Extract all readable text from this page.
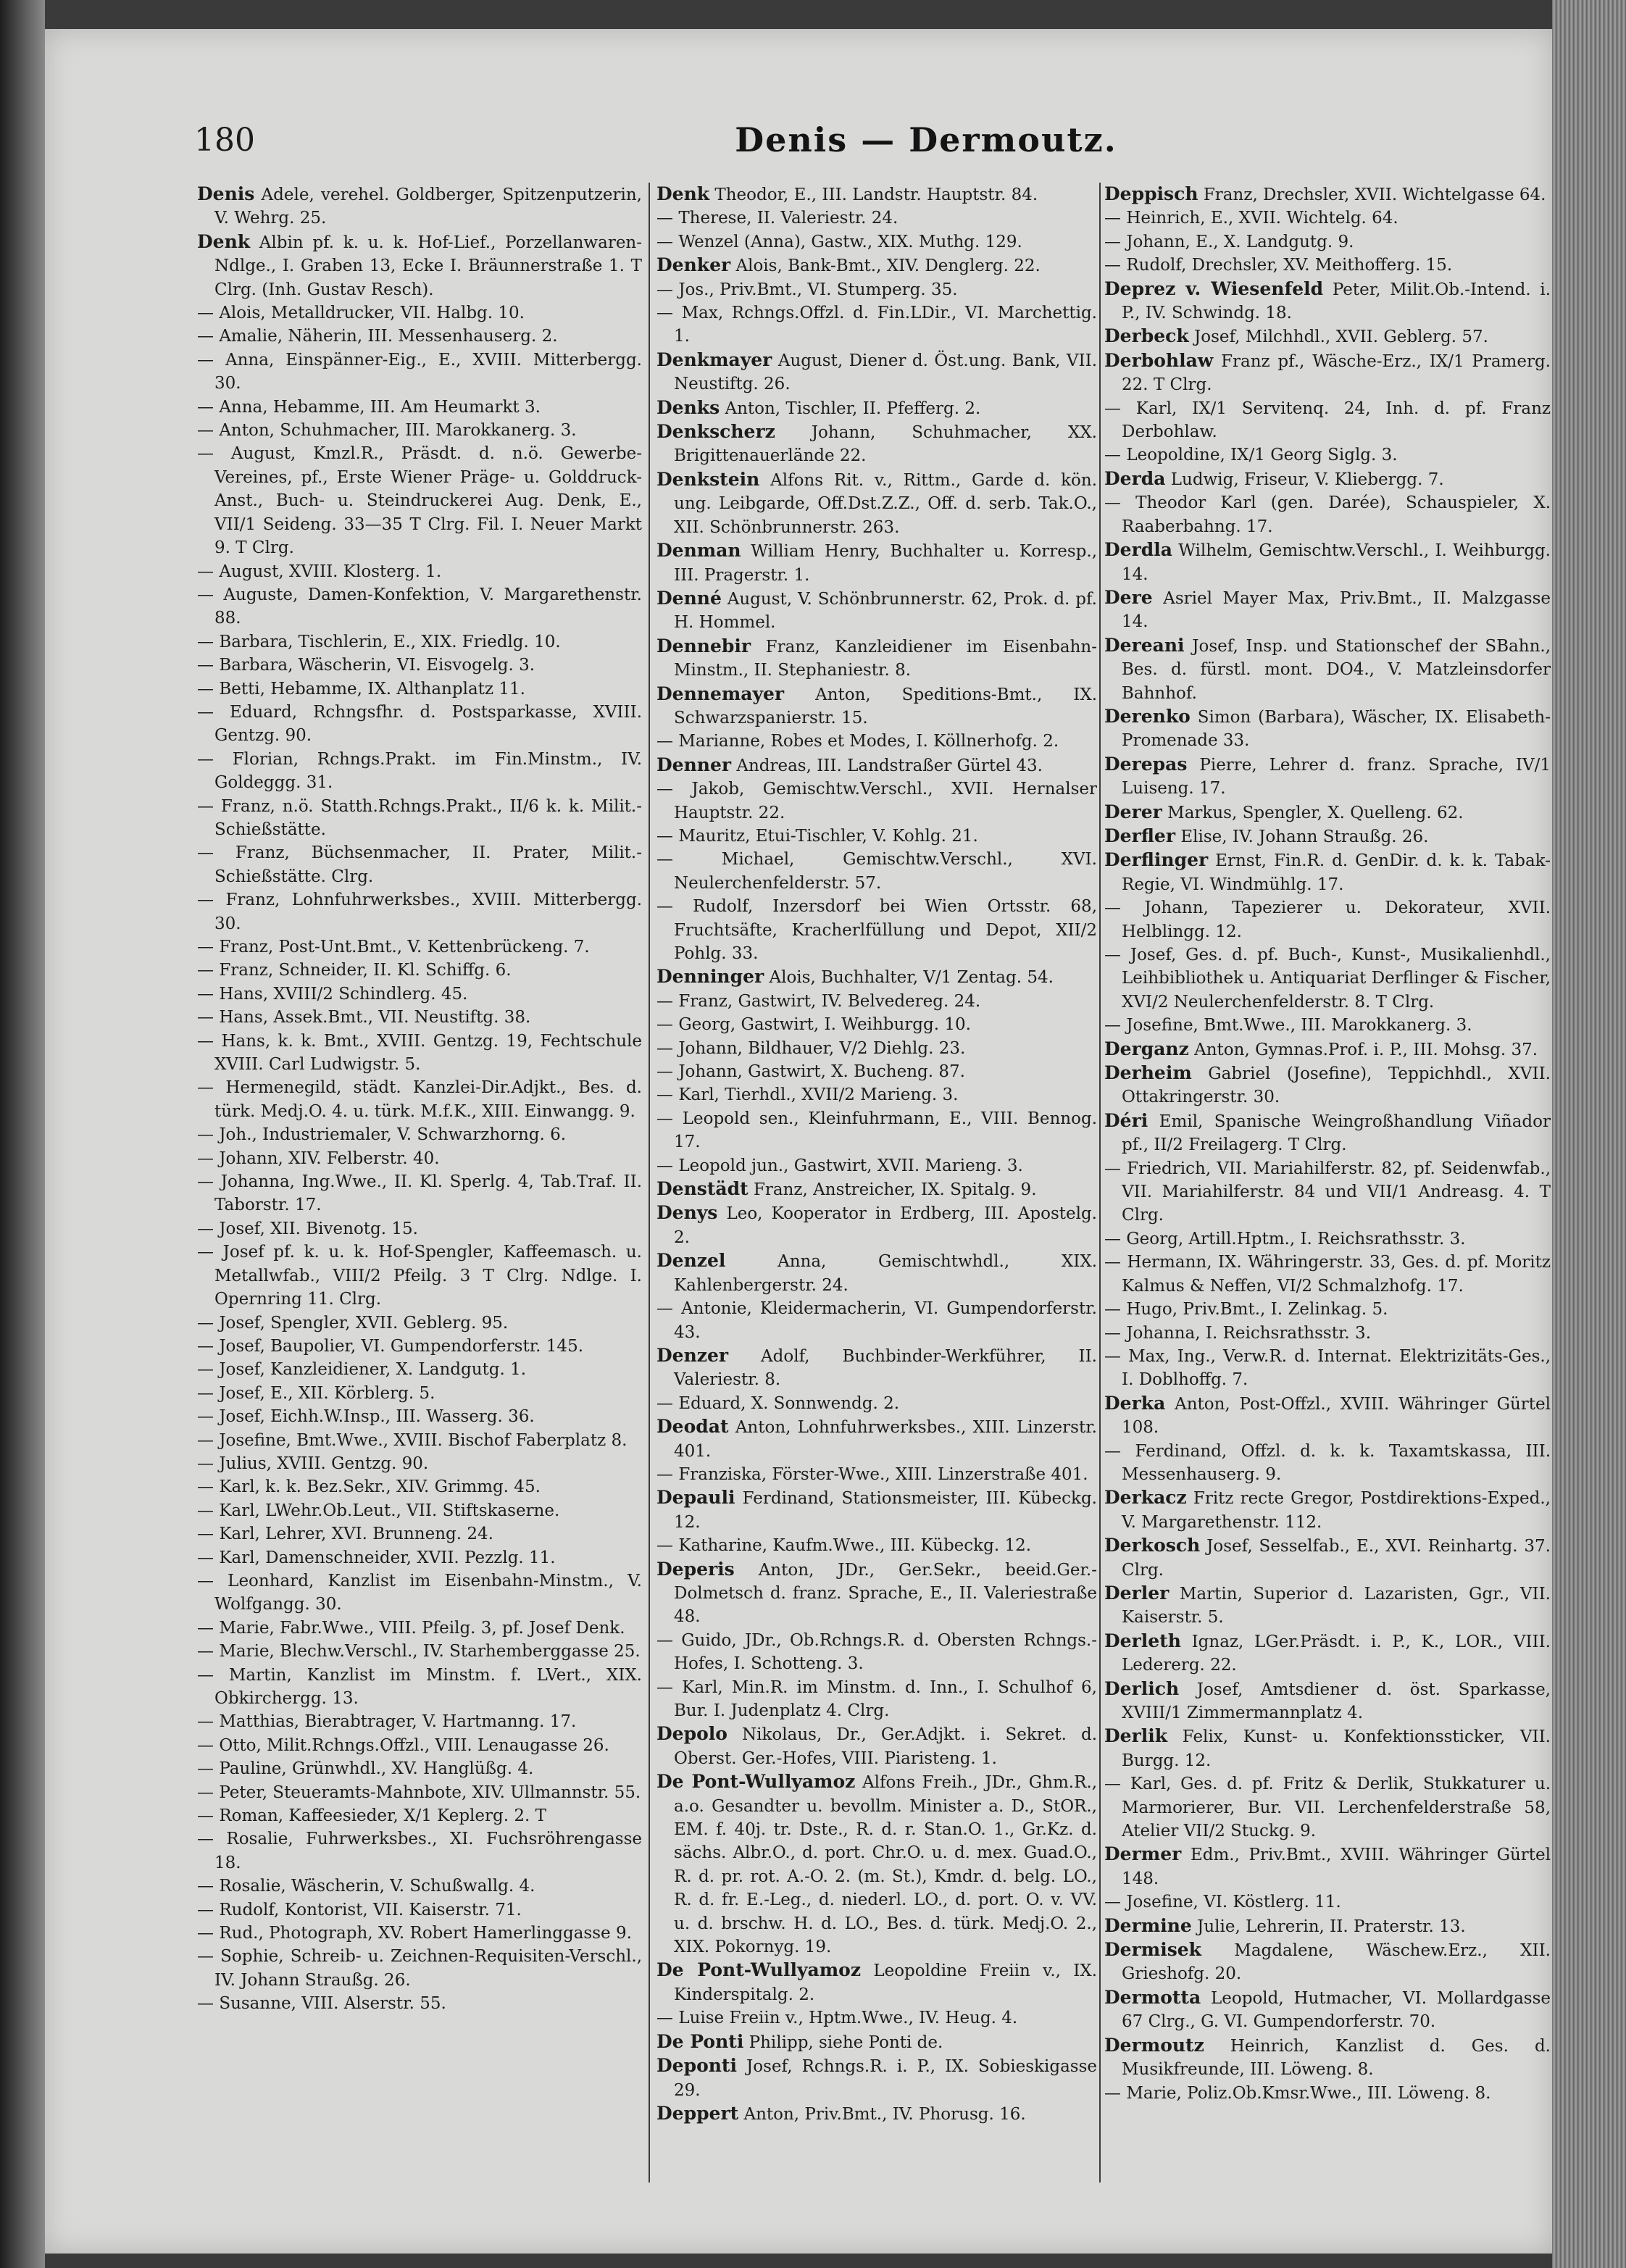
180	Denis — Dermoutz.
Denis Adele, verehel. Goldberger, Spitzenputzerin, V. Wehrg. 25.
Denk Albin pf. k. u. k. Hof-Lief., Porzellanwaren-Ndlge., I. Graben 13, Ecke I. Bräunnerstraße 1. T Clrg. (Inh. Gustav Resch).
— Alois, Metalldrucker, VII. Halbg. 10.
— Amalie, Näherin, III. Messenhauserg. 2.
— Anna, Einspänner-Eig., E., XVIII. Mitterbergg. 30.
— Anna, Hebamme, III. Am Heumarkt 3.
— Anton, Schuhmacher, III. Marokkanerg. 3.
— August, Kmzl.R., Präsdt. d. n.ö. Gewerbe-Vereines, pf., Erste Wiener Präge- u. Golddruck-Anst., Buch- u. Steindruckerei Aug. Denk, E., VII/1 Seideng. 33—35 T Clrg. Fil. I. Neuer Markt 9. T Clrg.
— August, XVIII. Klosterg. 1.
— Auguste, Damen-Konfektion, V. Margarethenstr. 88.
— Barbara, Tischlerin, E., XIX. Friedlg. 10.
— Barbara, Wäscherin, VI. Eisvogelg. 3.
— Betti, Hebamme, IX. Althanplatz 11.
— Eduard, Rchngsfhr. d. Postsparkasse, XVIII. Gentzg. 90.
— Florian, Rchngs.Prakt. im Fin.Minstm., IV. Goldeggg. 31.
— Franz, n.ö. Statth.Rchngs.Prakt., II/6 k. k. Milit.-Schießstätte.
— Franz, Büchsenmacher, II. Prater, Milit.-Schießstätte. Clrg.
— Franz, Lohnfuhrwerksbes., XVIII. Mitterbergg. 30.
— Franz, Post-Unt.Bmt., V. Kettenbrückeng. 7.
— Franz, Schneider, II. Kl. Schiffg. 6.
— Hans, XVIII/2 Schindlerg. 45.
— Hans, Assek.Bmt., VII. Neustiftg. 38.
— Hans, k. k. Bmt., XVIII. Gentzg. 19, Fechtschule XVIII. Carl Ludwigstr. 5.
— Hermenegild, städt. Kanzlei-Dir.Adjkt., Bes. d. türk. Medj.O. 4. u. türk. M.f.K., XIII. Einwangg. 9.
— Joh., Industriemaler, V. Schwarzhorng. 6.
— Johann, XIV. Felberstr. 40.
— Johanna, Ing.Wwe., II. Kl. Sperlg. 4, Tab.Traf. II. Taborstr. 17.
— Josef, XII. Bivenotg. 15.
— Josef pf. k. u. k. Hof-Spengler, Kaffeemasch. u. Metallwfab., VIII/2 Pfeilg. 3 T Clrg. Ndlge. I. Opernring 11. Clrg.
— Josef, Spengler, XVII. Geblerg. 95.
— Josef, Baupolier, VI. Gumpendorferstr. 145.
— Josef, Kanzleidiener, X. Landgutg. 1.
— Josef, E., XII. Körblerg. 5.
— Josef, Eichh.W.Insp., III. Wasserg. 36.
— Josefine, Bmt.Wwe., XVIII. Bischof Faberplatz 8.
— Julius, XVIII. Gentzg. 90.
— Karl, k. k. Bez.Sekr., XIV. Grimmg. 45.
— Karl, LWehr.Ob.Leut., VII. Stiftskaserne.
— Karl, Lehrer, XVI. Brunneng. 24.
— Karl, Damenschneider, XVII. Pezzlg. 11.
— Leonhard, Kanzlist im Eisenbahn-Minstm., V. Wolfgangg. 30.
— Marie, Fabr.Wwe., VIII. Pfeilg. 3, pf. Josef Denk.
— Marie, Blechw.Verschl., IV. Starhemberggasse 25.
— Martin, Kanzlist im Minstm. f. LVert., XIX. Obkirchergg. 13.
— Matthias, Bierabtrager, V. Hartmanng. 17.
— Otto, Milit.Rchngs.Offzl., VIII. Lenaugasse 26.
— Pauline, Grünwhdl., XV. Hanglüßg. 4.
— Peter, Steueramts-Mahnbote, XIV. Ullmannstr. 55.
— Roman, Kaffeesieder, X/1 Keplerg. 2. T
— Rosalie, Fuhrwerksbes., XI. Fuchsröhrengasse 18.
— Rosalie, Wäscherin, V. Schußwallg. 4.
— Rudolf, Kontorist, VII. Kaiserstr. 71.
— Rud., Photograph, XV. Robert Hamerlinggasse 9.
— Sophie, Schreib- u. Zeichnen-Requisiten-Verschl., IV. Johann Straußg. 26.
— Susanne, VIII. Alserstr. 55.
Denk Theodor, E., III. Landstr. Hauptstr. 84.
— Therese, II. Valeriestr. 24.
— Wenzel (Anna), Gastw., XIX. Muthg. 129.
Denker Alois, Bank-Bmt., XIV. Denglerg. 22.
— Jos., Priv.Bmt., VI. Stumperg. 35.
— Max, Rchngs.Offzl. d. Fin.LDir., VI. Marchettig. 1.
Denkmayer August, Diener d. Öst.ung. Bank, VII. Neustiftg. 26.
Denks Anton, Tischler, II. Pfefferg. 2.
Denkscherz Johann, Schuhmacher, XX. Brigittenauerlände 22.
Denkstein Alfons Rit. v., Rittm., Garde d. kön. ung. Leibgarde, Off.Dst.Z.Z., Off. d. serb. Tak.O., XII. Schönbrunnerstr. 263.
Denman William Henry, Buchhalter u. Korresp., III. Pragerstr. 1.
Denné August, V. Schönbrunnerstr. 62, Prok. d. pf. H. Hommel.
Dennebir Franz, Kanzleidiener im Eisenbahn-Minstm., II. Stephaniestr. 8.
Dennemayer Anton, Speditions-Bmt., IX. Schwarzspanierstr. 15.
— Marianne, Robes et Modes, I. Köllnerhofg. 2.
Denner Andreas, III. Landstraßer Gürtel 43.
— Jakob, Gemischtw.Verschl., XVII. Hernalser Hauptstr. 22.
— Mauritz, Etui-Tischler, V. Kohlg. 21.
—	Michael, Gemischtw.Verschl., XVI. Neulerchenfelderstr. 57.
— Rudolf, Inzersdorf bei Wien Ortsstr. 68, Fruchtsäfte, Kracherlfüllung und Depot, XII/2 Pohlg. 33.
Denninger Alois, Buchhalter, V/1 Zentag. 54.
— Franz, Gastwirt, IV. Belvedereg. 24.
— Georg, Gastwirt, I. Weihburgg. 10.
— Johann, Bildhauer, V/2 Diehlg. 23.
— Johann, Gastwirt, X. Bucheng. 87.
— Karl, Tierhdl., XVII/2 Marieng. 3.
— Leopold sen., Kleinfuhrmann, E., VIII. Bennog. 17.
— Leopold jun., Gastwirt, XVII. Marieng. 3.
Denstädt Franz, Anstreicher, IX. Spitalg. 9.
Denys Leo, Kooperator in Erdberg, III. Apostelg. 2.
Denzel	Anna, Gemischtwhdl., XIX. Kahlenbergerstr. 24.
— Antonie, Kleidermacherin, VI. Gumpendorferstr. 43.
Denzer Adolf, Buchbinder-Werkführer, II. Valeriestr. 8.
— Eduard, X. Sonnwendg. 2.
Deodat Anton, Lohnfuhrwerksbes., XIII. Linzerstr. 401.
— Franziska, Förster-Wwe., XIII. Linzerstraße 401.
Depauli Ferdinand, Stationsmeister, III. Kübeckg. 12.
— Katharine, Kaufm.Wwe., III. Kübeckg. 12.
Deperis Anton, JDr., Ger.Sekr., beeid.Ger.-Dolmetsch d. franz. Sprache, E., II. Valeriestraße 48.
— Guido, JDr., Ob.Rchngs.R. d. Obersten Rchngs.-Hofes, I. Schotteng. 3.
— Karl, Min.R. im Minstm. d. Inn., I. Schulhof 6, Bur. I. Judenplatz 4. Clrg.
Depolo Nikolaus, Dr., Ger.Adjkt. i. Sekret. d. Oberst. Ger.-Hofes, VIII. Piaristeng. 1.
De Pont-Wullyamoz Alfons Freih., JDr., Ghm.R., a.o. Gesandter u. bevollm. Minister a. D., StOR., EM. f. 40j. tr. Dste., R. d. r. Stan.O. 1., Gr.Kz. d. sächs. Albr.O., d. port. Chr.O. u. d. mex. Guad.O., R. d. pr. rot. A.-O. 2. (m. St.), Kmdr. d. belg. LO., R. d. fr. E.-Leg., d. niederl. LO., d. port. O. v. VV. u. d. brschw. H. d. LO., Bes. d. türk. Medj.O. 2., XIX. Pokornyg. 19.
De Pont-Wullyamoz Leopoldine Freiin v., IX. Kinderspitalg. 2.
— Luise Freiin v., Hptm.Wwe., IV. Heug. 4.
De Ponti Philipp, siehe Ponti de.
Deponti Josef, Rchngs.R. i. P., IX. Sobieskigasse 29.
Deppert Anton, Priv.Bmt., IV. Phorusg. 16.
Deppisch Franz, Drechsler, XVII. Wichtelgasse 64.
— Heinrich, E., XVII. Wichtelg. 64.
— Johann, E., X. Landgutg. 9.
— Rudolf, Drechsler, XV. Meithofferg. 15.
Deprez v. Wiesenfeld Peter, Milit.Ob.-Intend. i. P., IV. Schwindg. 18.
Derbeck Josef, Milchhdl., XVII. Geblerg. 57.
Derbohlaw Franz pf., Wäsche-Erz., IX/1 Pramerg. 22. T Clrg.
— Karl, IX/1 Servitenq. 24, Inh. d. pf. Franz Derbohlaw.
— Leopoldine, IX/1 Georg Siglg. 3.
Derda Ludwig, Friseur, V. Kliebergg. 7.
— Theodor Karl (gen. Darée), Schauspieler, X. Raaberbahng. 17.
Derdla Wilhelm, Gemischtw.Verschl., I. Weihburgg. 14.
Dere Asriel Mayer Max, Priv.Bmt., II. Malzgasse 14.
Dereani Josef, Insp. und Stationschef der SBahn., Bes. d. fürstl. mont. DO4., V. Matzleinsdorfer Bahnhof.
Derenko Simon (Barbara), Wäscher, IX. Elisabeth-Promenade 33.
Derepas Pierre, Lehrer d. franz. Sprache, IV/1 Luiseng. 17.
Derer Markus, Spengler, X. Quelleng. 62.
Derfler Elise, IV. Johann Straußg. 26.
Derflinger Ernst, Fin.R. d. GenDir. d. k. k. Tabak-Regie, VI. Windmühlg. 17.
— Johann, Tapezierer u. Dekorateur, XVII. Helblingg. 12.
— Josef, Ges. d. pf. Buch-, Kunst-, Musikalienhdl., Leihbibliothek u. Antiquariat Derflinger & Fischer, XVI/2 Neulerchenfelderstr. 8. T Clrg.
— Josefine, Bmt.Wwe., III. Marokkanerg. 3.
Derganz Anton, Gymnas.Prof. i. P., III. Mohsg. 37.
Derheim Gabriel (Josefine), Teppichhdl., XVII. Ottakringerstr. 30.
Déri Emil, Spanische Weingroßhandlung Viñador pf., II/2 Freilagerg. T Clrg.
— Friedrich, VII. Mariahilferstr. 82, pf. Seidenwfab., VII. Mariahilferstr. 84 und VII/1 Andreasg. 4. T Clrg.
— Georg, Artill.Hptm., I. Reichsrathsstr. 3.
— Hermann, IX. Währingerstr. 33, Ges. d. pf. Moritz Kalmus & Neffen, VI/2 Schmalzhofg. 17.
— Hugo, Priv.Bmt., I. Zelinkag. 5.
— Johanna, I. Reichsrathsstr. 3.
— Max, Ing., Verw.R. d. Internat. Elektrizitäts-Ges., I. Doblhoffg. 7.
Derka Anton, Post-Offzl., XVIII. Währinger Gürtel 108.
— Ferdinand, Offzl. d. k. k. Taxamtskassa, III. Messenhauserg. 9.
Derkacz Fritz recte Gregor, Postdirektions-Exped., V. Margarethenstr. 112.
Derkosch Josef, Sesselfab., E., XVI. Reinhartg. 37. Clrg.
Derler Martin, Superior d. Lazaristen, Ggr., VII. Kaiserstr. 5.
Derleth Ignaz, LGer.Präsdt. i. P., K., LOR., VIII. Ledererg. 22.
Derlich Josef, Amtsdiener d. öst. Sparkasse, XVIII/1 Zimmermannplatz 4.
Derlik Felix, Kunst- u. Konfektionssticker, VII. Burgg. 12.
— Karl, Ges. d. pf. Fritz & Derlik, Stukkaturer u. Marmorierer, Bur. VII. Lerchenfelderstraße 58, Atelier VII/2 Stuckg. 9.
Dermer Edm., Priv.Bmt., XVIII. Währinger Gürtel 148.
— Josefine, VI. Köstlerg. 11.
Dermine Julie, Lehrerin, II. Praterstr. 13.
Dermisek Magdalene, Wäschew.Erz., XII. Grieshofg. 20.
Dermotta Leopold, Hutmacher, VI. Mollardgasse 67 Clrg., G. VI. Gumpendorferstr. 70.
Dermoutz Heinrich, Kanzlist d. Ges. d. Musikfreunde, III. Löweng. 8.
— Marie, Poliz.Ob.Kmsr.Wwe., III. Löweng. 8.
